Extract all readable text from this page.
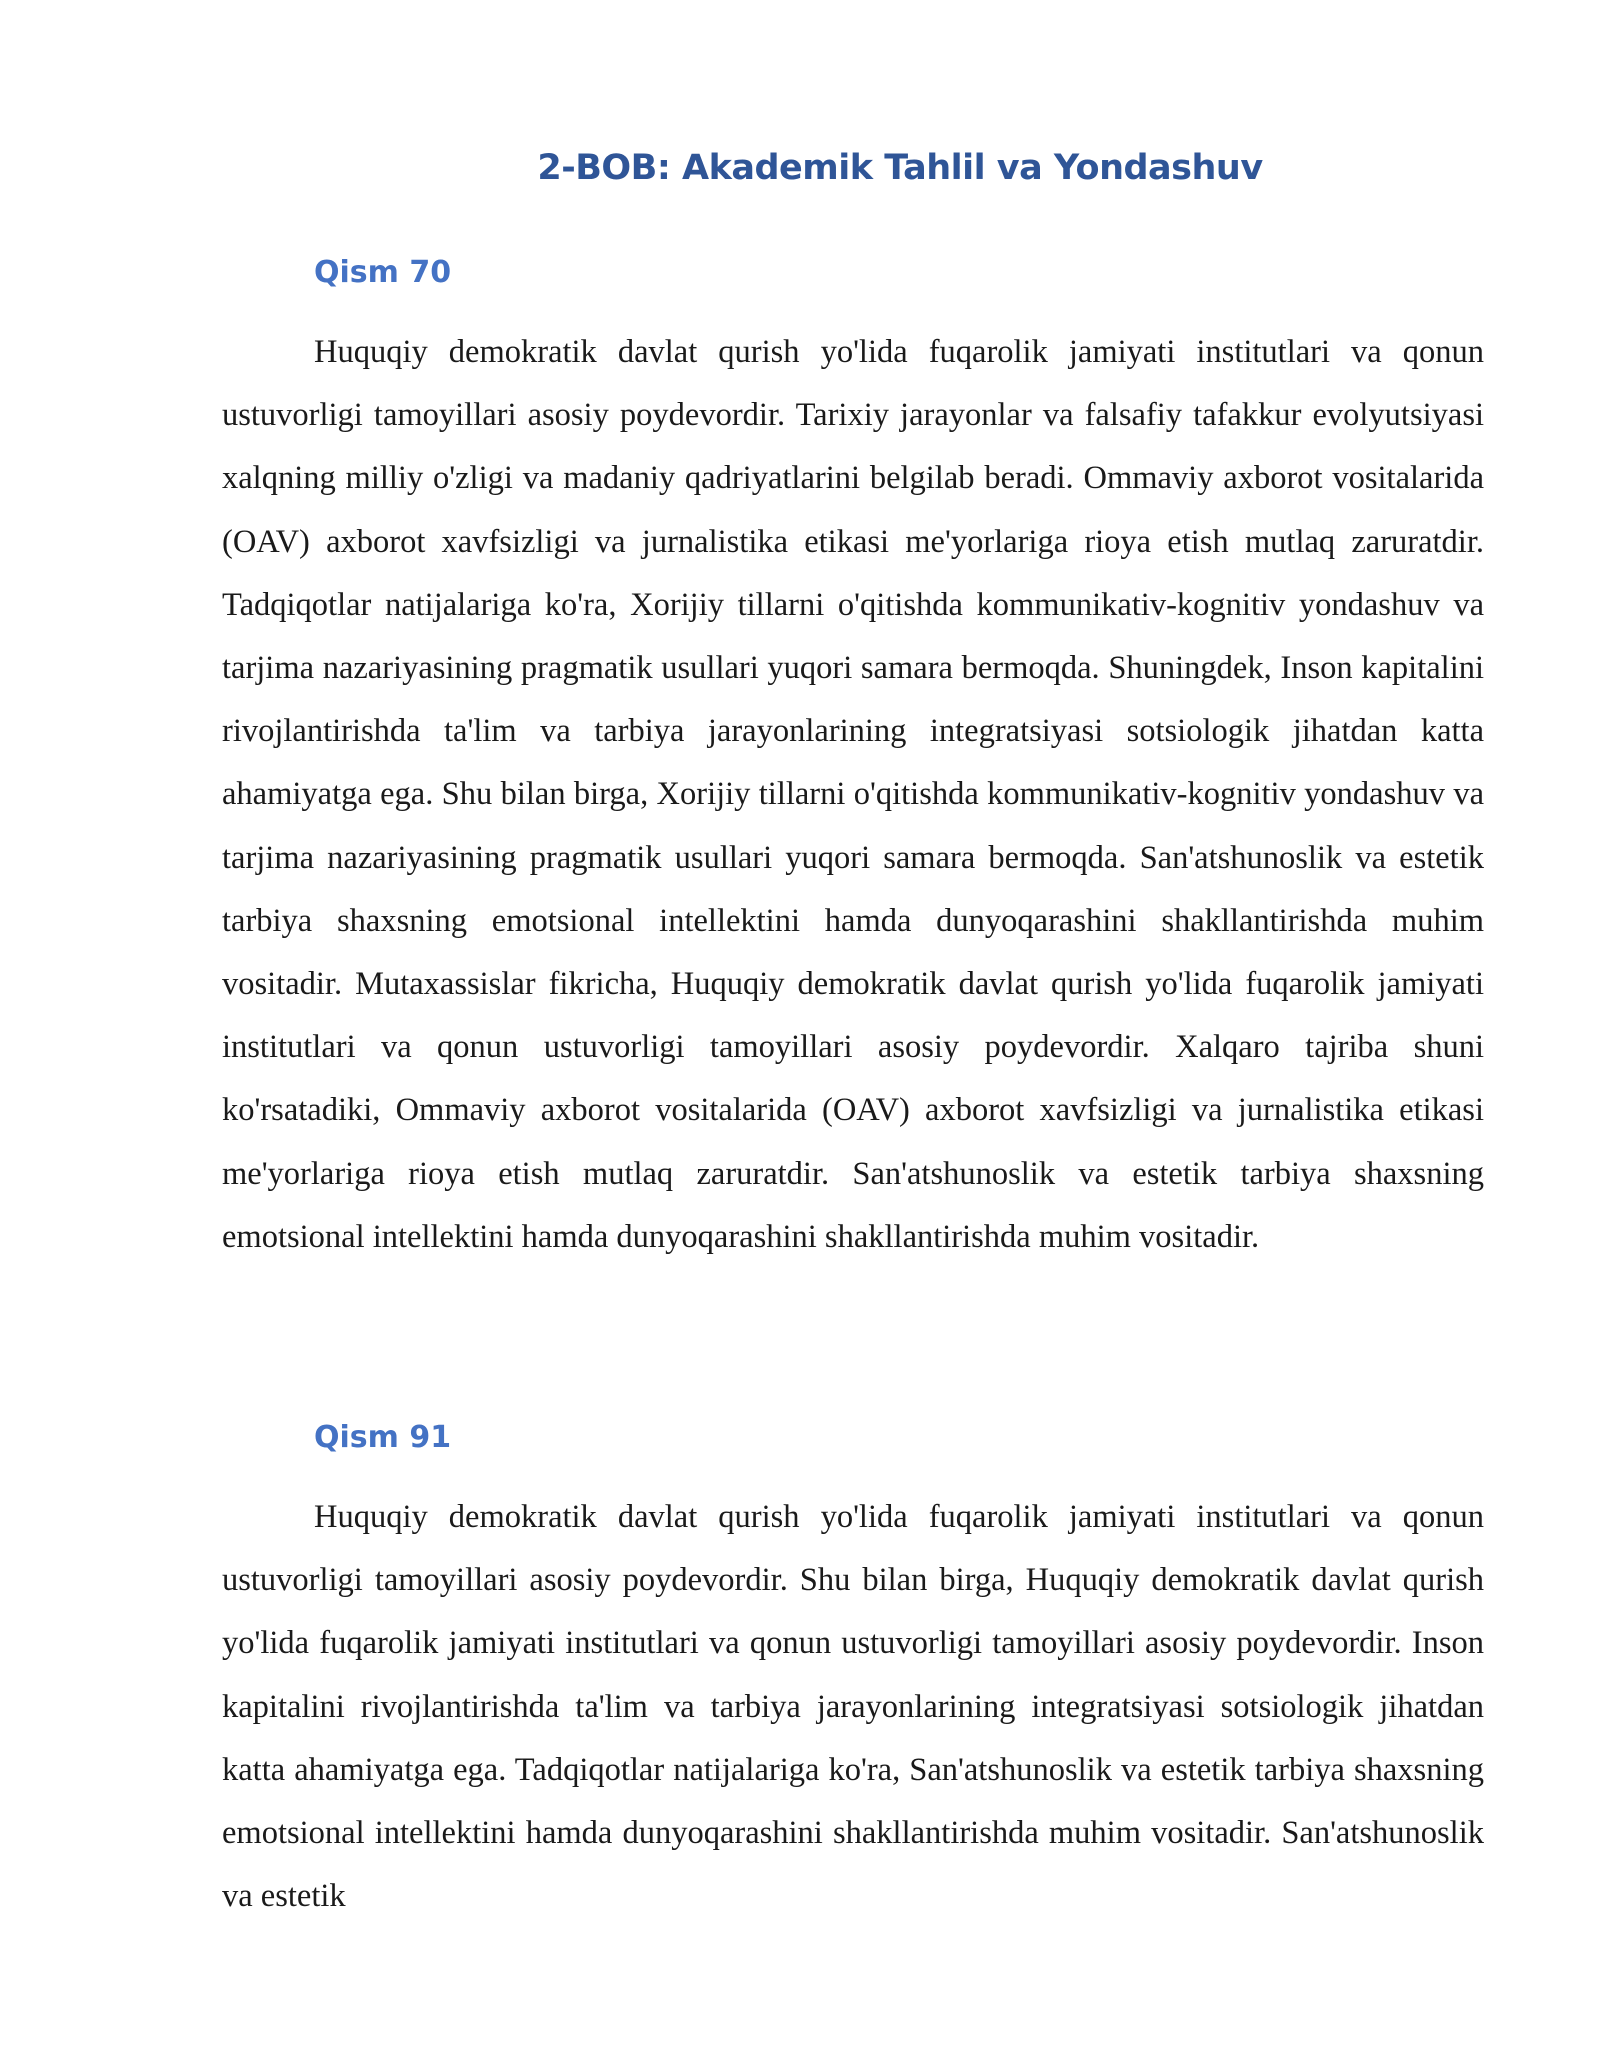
2-BOB: Akademik Tahlil va Yondashuv
Qism 70

Huquqiy demokratik davlat qurish yo'lida fuqarolik jamiyati institutlari va qonun ustuvorligi tamoyillari asosiy poydevordir. Tarixiy jarayonlar va falsafiy tafakkur evolyutsiyasi xalqning milliy o'zligi va madaniy qadriyatlarini belgilab beradi. Ommaviy axborot vositalarida (OAV) axborot xavfsizligi va jurnalistika etikasi me'yorlariga rioya etish mutlaq zaruratdir. Tadqiqotlar natijalariga ko'ra, Xorijiy tillarni o'qitishda kommunikativ-kognitiv yondashuv va tarjima nazariyasining pragmatik usullari yuqori samara bermoqda. Shuningdek, Inson kapitalini rivojlantirishda ta'lim va tarbiya jarayonlarining integratsiyasi sotsiologik jihatdan katta ahamiyatga ega. Shu bilan birga, Xorijiy tillarni o'qitishda kommunikativ-kognitiv yondashuv va tarjima nazariyasining pragmatik usullari yuqori samara bermoqda. San'atshunoslik va estetik tarbiya shaxsning emotsional intellektini hamda dunyoqarashini shakllantirishda muhim vositadir. Mutaxassislar fikricha, Huquqiy demokratik davlat qurish yo'lida fuqarolik jamiyati institutlari va qonun ustuvorligi tamoyillari asosiy poydevordir. Xalqaro tajriba shuni ko'rsatadiki, Ommaviy axborot vositalarida (OAV) axborot xavfsizligi va jurnalistika etikasi me'yorlariga rioya etish mutlaq zaruratdir. San'atshunoslik va estetik tarbiya shaxsning emotsional intellektini hamda dunyoqarashini shakllantirishda muhim vositadir.

Qism 91

Huquqiy demokratik davlat qurish yo'lida fuqarolik jamiyati institutlari va qonun ustuvorligi tamoyillari asosiy poydevordir. Shu bilan birga, Huquqiy demokratik davlat qurish yo'lida fuqarolik jamiyati institutlari va qonun ustuvorligi tamoyillari asosiy poydevordir. Inson kapitalini rivojlantirishda ta'lim va tarbiya jarayonlarining integratsiyasi sotsiologik jihatdan katta ahamiyatga ega. Tadqiqotlar natijalariga ko'ra, San'atshunoslik va estetik tarbiya shaxsning emotsional intellektini hamda dunyoqarashini shakllantirishda muhim vositadir. San'atshunoslik va estetik
